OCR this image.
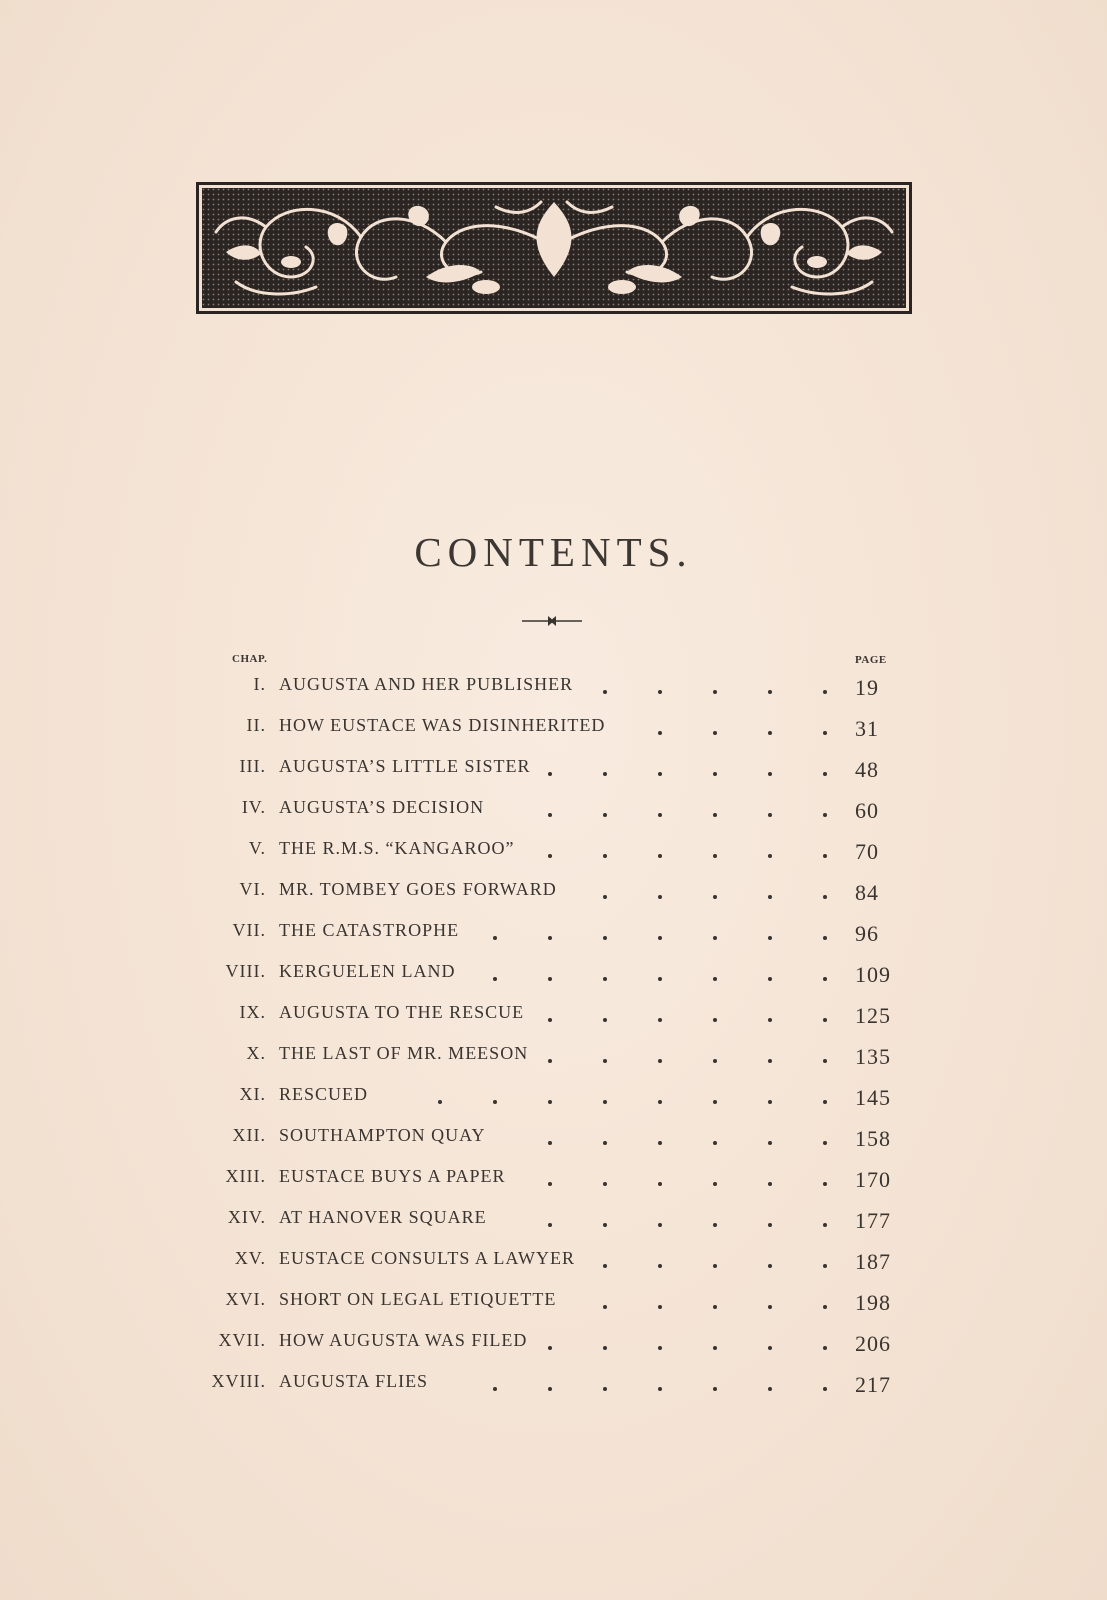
CONTENTS.
CHAP.	PAGE
I. AUGUSTA AND HER PUBLISHER	19
II. HOW EUSTACE WAS DISINHERITED	31
III. AUGUSTA’S LITTLE SISTER	48
IV. AUGUSTA’S DECISION	60
V. THE R.M.S. “KANGAROO”	70
VI. MR. TOMBEY GOES FORWARD	84
VII. THE CATASTROPHE	96
VIII. KERGUELEN LAND	109
IX. AUGUSTA TO THE RESCUE	125
X. THE LAST OF MR. MEESON	135
XI. RESCUED	145
XII. SOUTHAMPTON QUAY	158
XIII. EUSTACE BUYS A PAPER	170
XIV. AT HANOVER SQUARE	177
XV. EUSTACE CONSULTS A LAWYER	187
XVI. SHORT ON LEGAL ETIQUETTE	198
XVII. HOW AUGUSTA WAS FILED	206
XVIII. AUGUSTA FLIES	217
